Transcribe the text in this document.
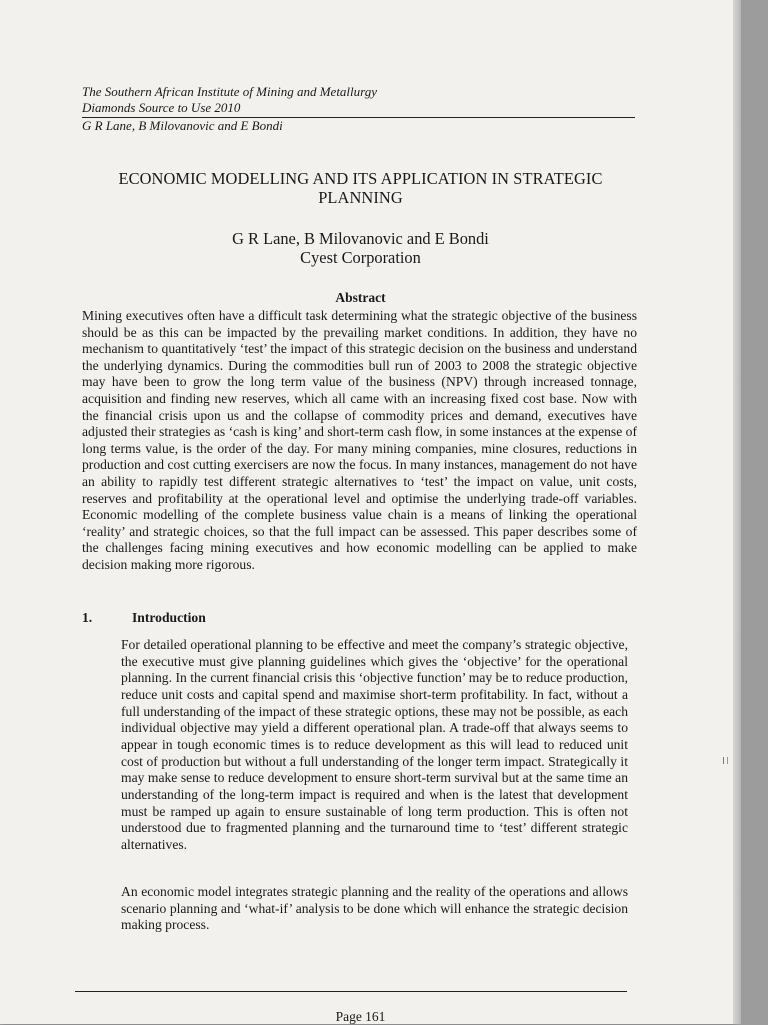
The Southern African Institute of Mining and Metallurgy
Diamonds Source to Use 2010
G R Lane, B Milovanovic and E Bondi
ECONOMIC MODELLING AND ITS APPLICATION IN STRATEGIC
PLANNING
G R Lane, B Milovanovic and E Bondi
Cyest Corporation
Abstract
Mining executives often have a difficult task determining what the strategic objective of the business should be as this can be impacted by the prevailing market conditions. In addition, they have no mechanism to quantitatively ‘test’ the impact of this strategic decision on the business and understand the underlying dynamics. During the commodities bull run of 2003 to 2008 the strategic objective may have been to grow the long term value of the business (NPV) through increased tonnage, acquisition and finding new reserves, which all came with an increasing fixed cost base. Now with the financial crisis upon us and the collapse of commodity prices and demand, executives have adjusted their strategies as ‘cash is king’ and short-term cash flow, in some instances at the expense of long terms value, is the order of the day. For many mining companies, mine closures, reductions in production and cost cutting exercisers are now the focus. In many instances, management do not have an ability to rapidly test different strategic alternatives to ‘test’ the impact on value, unit costs, reserves and profitability at the operational level and optimise the underlying trade-off variables. Economic modelling of the complete business value chain is a means of linking the operational ‘reality’ and strategic choices, so that the full impact can be assessed. This paper describes some of the challenges facing mining executives and how economic modelling can be applied to make decision making more rigorous.
1.	Introduction
For detailed operational planning to be effective and meet the company’s strategic objective, the executive must give planning guidelines which gives the ‘objective’ for the operational planning. In the current financial crisis this ‘objective function’ may be to reduce production, reduce unit costs and capital spend and maximise short-term profitability. In fact, without a full understanding of the impact of these strategic options, these may not be possible, as each individual objective may yield a different operational plan. A trade-off that always seems to appear in tough economic times is to reduce development as this will lead to reduced unit cost of production but without a full understanding of the longer term impact. Strategically it may make sense to reduce development to ensure short-term survival but at the same time an understanding of the long-term impact is required and when is the latest that development must be ramped up again to ensure sustainable of long term production. This is often not understood due to fragmented planning and the turnaround time to ‘test’ different strategic alternatives.
An economic model integrates strategic planning and the reality of the operations and allows scenario planning and ‘what-if’ analysis to be done which will enhance the strategic decision making process.
Page 161
